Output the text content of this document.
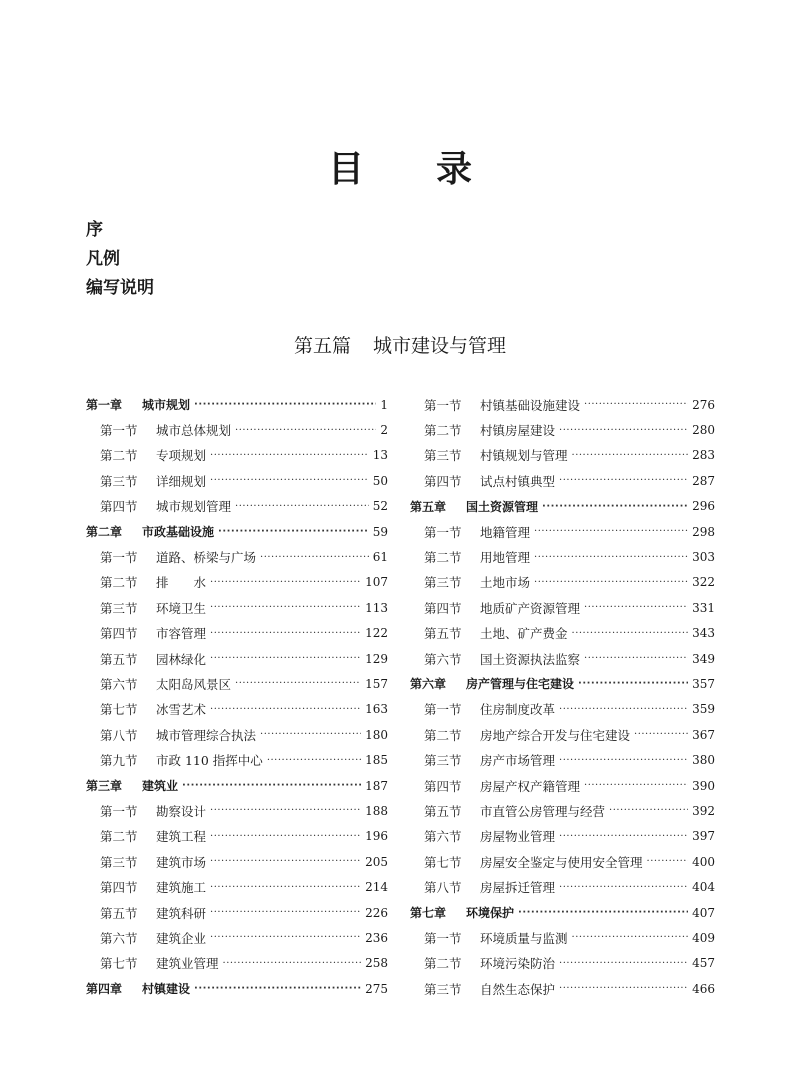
目 录
序
凡例
编写说明
第五篇 城市建设与管理
第一章	城市规划 ·····	1
第一节	城市总体规划 ·····	2
第二节	专项规划 ·····	13
第三节	详细规划 ·····	50
第四节	城市规划管理 ·····	52
第二章	市政基础设施 ·····	59
第一节	道路、桥梁与广场 ·····	61
第二节	排　　水 ·····	107
第三节	环境卫生 ·····	113
第四节	市容管理 ·····	122
第五节	园林绿化 ·····	129
第六节	太阳岛风景区 ·····	157
第七节	冰雪艺术 ·····	163
第八节	城市管理综合执法 ·····	180
第九节	市政 110 指挥中心 ·····	185
第三章	建筑业 ·····	187
第一节	勘察设计 ·····	188
第二节	建筑工程 ·····	196
第三节	建筑市场 ·····	205
第四节	建筑施工 ·····	214
第五节	建筑科研 ·····	226
第六节	建筑企业 ·····	236
第七节	建筑业管理 ·····	258
第四章	村镇建设 ·····	275
第一节	村镇基础设施建设 ·····	276
第二节	村镇房屋建设 ·····	280
第三节	村镇规划与管理 ·····	283
第四节	试点村镇典型 ·····	287
第五章	国土资源管理 ·····	296
第一节	地籍管理 ·····	298
第二节	用地管理 ·····	303
第三节	土地市场 ·····	322
第四节	地质矿产资源管理 ·····	331
第五节	土地、矿产费金 ·····	343
第六节	国土资源执法监察 ·····	349
第六章	房产管理与住宅建设 ·····	357
第一节	住房制度改革 ·····	359
第二节	房地产综合开发与住宅建设 ·····	367
第三节	房产市场管理 ·····	380
第四节	房屋产权产籍管理 ·····	390
第五节	市直管公房管理与经营 ·····	392
第六节	房屋物业管理 ·····	397
第七节	房屋安全鉴定与使用安全管理 ·····	400
第八节	房屋拆迁管理 ·····	404
第七章	环境保护 ·····	407
第一节	环境质量与监测 ·····	409
第二节	环境污染防治 ·····	457
第三节	自然生态保护 ·····	466
